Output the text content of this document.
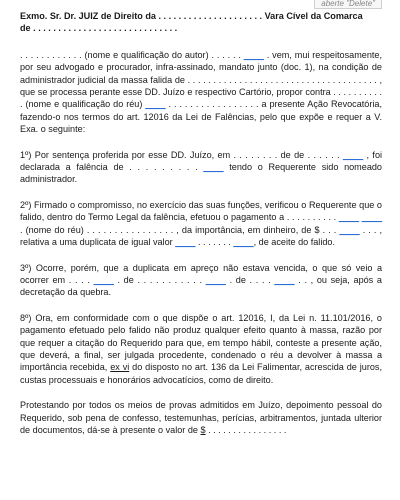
aberte "Delete"
Exmo. Sr. Dr. JUIZ de Direito da . . . . . . . . . . . . . . . . . . . . . Vara Cível da Comarca
de . . . . . . . . . . . . . . . . . . . . . . . . . . . . .

. . . . . . . . . . . . (nome e qualificação do autor) . . . . . . ____ . vem, mui respeitosamente, por seu advogado e procurador, infra-assinado, mandato junto (doc. 1), na condição de administrador judicial da massa falida de . . . . . . . . . . . . . . . . . . . . . . . . . . . . . . . . . . . . . , que se processa perante esse DD. Juízo e respectivo Cartório, propor contra . . . . . . . . . . . (nome e qualificação do réu) ____ . . . . . . . . . . . . . . . . . a presente Ação Revocatória, fazendo-o nos termos do art. 12016 da Lei de Falências, pelo que expõe e requer a V. Exa. o seguinte:

1º) Por sentença proferida por esse DD. Juízo, em . . . . . . . . de de . . . . . . ____ , foi declarada a falência de . . . . . . . . . ____ tendo o Requerente sido nomeado administrador.

2º) Firmado o compromisso, no exercício das suas funções, verificou o Requerente que o falido, dentro do Termo Legal da falência, efetuou o pagamento a . . . . . . . . . . ____ ____ . (nome do réu) . . . . . . . . . . . . . . . . , da importância, em dinheiro, de $ . . . ____ . . . , relativa a uma duplicata de igual valor ____ . . . . . . . ____, de aceite do falido.

3º) Ocorre, porém, que a duplicata em apreço não estava vencida, o que só veio a ocorrer em . . . . ____ . de . . . . . . . . . . . ____ . de . . . . ____ . . , ou seja, após a decretação da quebra.

8º) Ora, em conformidade com o que dispõe o art. 12016, I, da Lei n. 11.101/2016, o pagamento efetuado pelo falido não produz qualquer efeito quanto à massa, razão por que requer a citação do Requerido para que, em tempo hábil, conteste a presente ação, que deverá, a final, ser julgada procedente, condenado o réu a devolver à massa a importância recebida, ex vi do disposto no art. 136 da Lei Falimentar, acrescida de juros, custas processuais e honorários advocatícios, como de direito.

Protestando por todos os meios de provas admitidos em Juízo, depoimento pessoal do Requerido, sob pena de confesso, testemunhas, perícias, arbitramentos, juntada ulterior de documentos, dá-se à presente o valor de $ . . . . . . . . . . . . . . . .
